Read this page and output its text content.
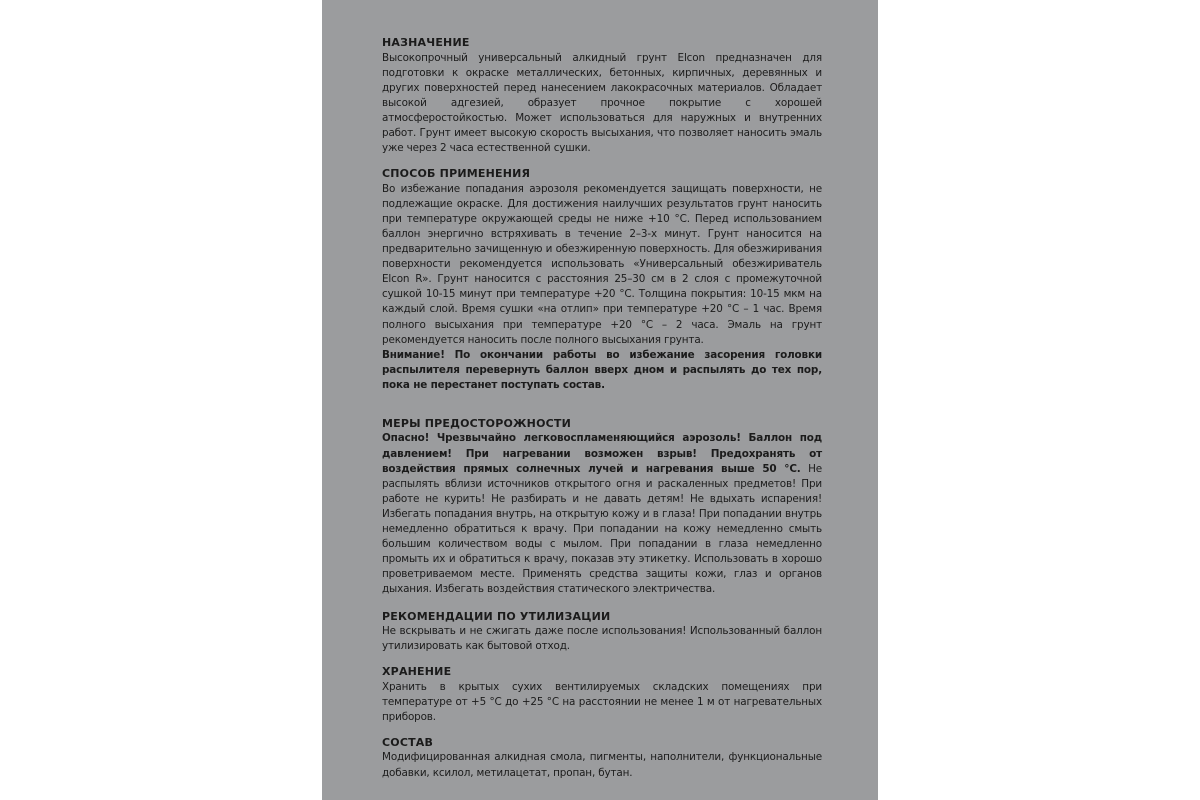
НАЗНАЧЕНИЕ

Высокопрочный универсальный алкидный грунт Elcon предназначен для подготовки к окраске металлических, бетонных, кирпичных, деревянных и других поверхностей перед нанесением лакокрасочных материалов. Обладает высокой адгезией, образует прочное покрытие с хорошей атмосферостойкостью. Может использоваться для наружных и внутренних работ. Грунт имеет высокую скорость высыхания, что позволяет наносить эмаль уже через 2 часа естественной сушки.

СПОСОБ ПРИМЕНЕНИЯ

Во избежание попадания аэрозоля рекомендуется защищать поверхности, не подлежащие окраске. Для достижения наилучших результатов грунт наносить при температуре окружающей среды не ниже +10 °С. Перед использованием баллон энергично встряхивать в течение 2–3-х минут. Грунт наносится на предварительно зачищенную и обезжиренную поверхность. Для обезжиривания поверхности рекомендуется использовать «Универсальный обезжириватель Elcon R». Грунт наносится с расстояния 25–30 см в 2 слоя с промежуточной сушкой 10-15 минут при температуре +20 °С. Толщина покрытия: 10-15 мкм на каждый слой. Время сушки «на отлип» при температуре +20 °С – 1 час. Время полного высыхания при температуре +20 °С – 2 часа. Эмаль на грунт рекомендуется наносить после полного высыхания грунта.

Внимание! По окончании работы во избежание засорения головки распылителя перевернуть баллон вверх дном и распылять до тех пор, пока не перестанет поступать состав.

МЕРЫ ПРЕДОСТОРОЖНОСТИ

Опасно! Чрезвычайно легковоспламеняющийся аэрозоль! Баллон под давлением! При нагревании возможен взрыв! Предохранять от воздействия прямых солнечных лучей и нагревания выше 50 °С. Не распылять вблизи источников открытого огня и раскаленных предметов! При работе не курить! Не разбирать и не давать детям! Не вдыхать испарения! Избегать попадания внутрь, на открытую кожу и в глаза! При попадании внутрь немедленно обратиться к врачу. При попадании на кожу немедленно смыть большим количеством воды с мылом. При попадании в глаза немедленно промыть их и обратиться к врачу, показав эту этикетку. Использовать в хорошо проветриваемом месте. Применять средства защиты кожи, глаз и органов дыхания. Избегать воздействия статического электричества.

РЕКОМЕНДАЦИИ ПО УТИЛИЗАЦИИ

Не вскрывать и не сжигать даже после использования! Использованный баллон утилизировать как бытовой отход.

ХРАНЕНИЕ

Хранить в крытых сухих вентилируемых складских помещениях при температуре от +5 °С до +25 °С на расстоянии не менее 1 м от нагревательных приборов.

СОСТАВ

Модифицированная алкидная смола, пигменты, наполнители, функциональные добавки, ксилол, метилацетат, пропан, бутан.
